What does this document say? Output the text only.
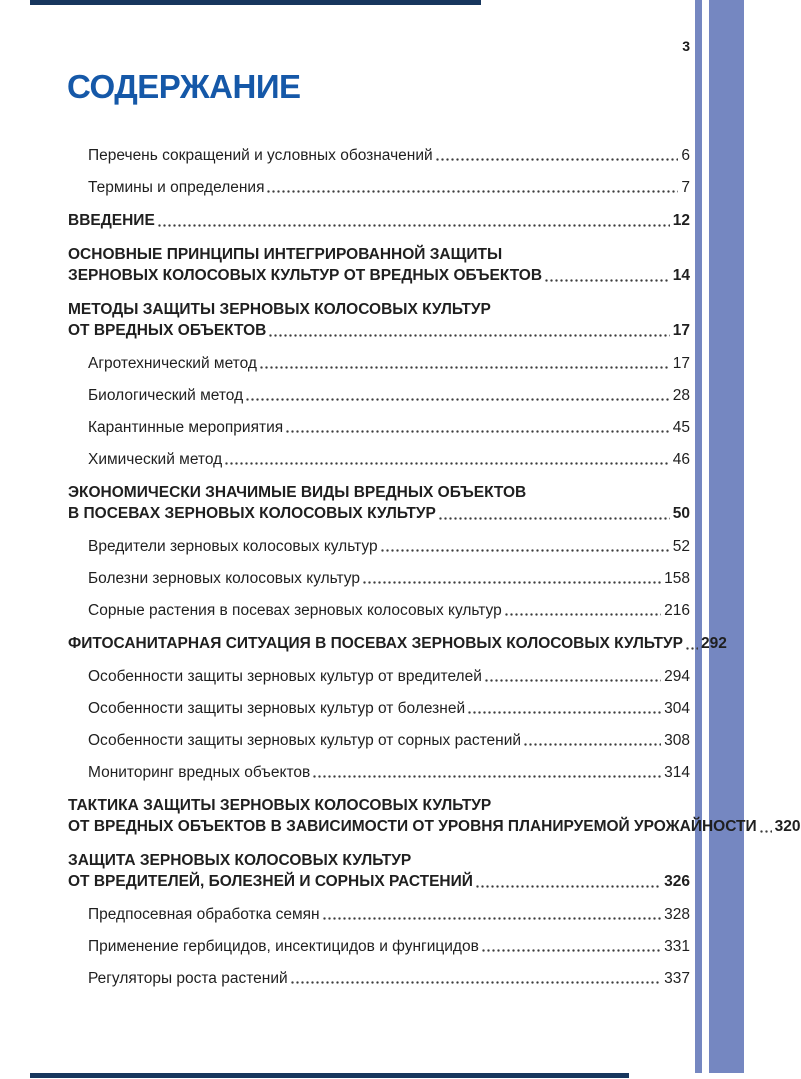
3
СОДЕРЖАНИЕ
Перечень сокращений и условных обозначений	6
Термины и определения	7
ВВЕДЕНИЕ	12
ОСНОВНЫЕ ПРИНЦИПЫ ИНТЕГРИРОВАННОЙ ЗАЩИТЫ
ЗЕРНОВЫХ КОЛОСОВЫХ КУЛЬТУР ОТ ВРЕДНЫХ ОБЪЕКТОВ	14
МЕТОДЫ ЗАЩИТЫ ЗЕРНОВЫХ КОЛОСОВЫХ КУЛЬТУР
ОТ ВРЕДНЫХ ОБЪЕКТОВ	17
Агротехнический метод	17
Биологический метод	28
Карантинные мероприятия	45
Химический метод	46
ЭКОНОМИЧЕСКИ ЗНАЧИМЫЕ ВИДЫ ВРЕДНЫХ ОБЪЕКТОВ
В ПОСЕВАХ ЗЕРНОВЫХ КОЛОСОВЫХ КУЛЬТУР	50
Вредители зерновых колосовых культур	52
Болезни зерновых колосовых культур	158
Сорные растения в посевах зерновых колосовых культур	216
ФИТОСАНИТАРНАЯ СИТУАЦИЯ В ПОСЕВАХ ЗЕРНОВЫХ КОЛОСОВЫХ КУЛЬТУР 292
Особенности защиты зерновых культур от вредителей	294
Особенности защиты зерновых культур от болезней	304
Особенности защиты зерновых культур от сорных растений	308
Мониторинг вредных объектов	314
ТАКТИКА ЗАЩИТЫ ЗЕРНОВЫХ КОЛОСОВЫХ КУЛЬТУР
ОТ ВРЕДНЫХ ОБЪЕКТОВ В ЗАВИСИМОСТИ ОТ УРОВНЯ ПЛАНИРУЕМОЙ УРОЖАЙНОСТИ 320
ЗАЩИТА ЗЕРНОВЫХ КОЛОСОВЫХ КУЛЬТУР
ОТ ВРЕДИТЕЛЕЙ, БОЛЕЗНЕЙ И СОРНЫХ РАСТЕНИЙ	326
Предпосевная обработка семян	328
Применение гербицидов, инсектицидов и фунгицидов	331
Регуляторы роста растений	337
